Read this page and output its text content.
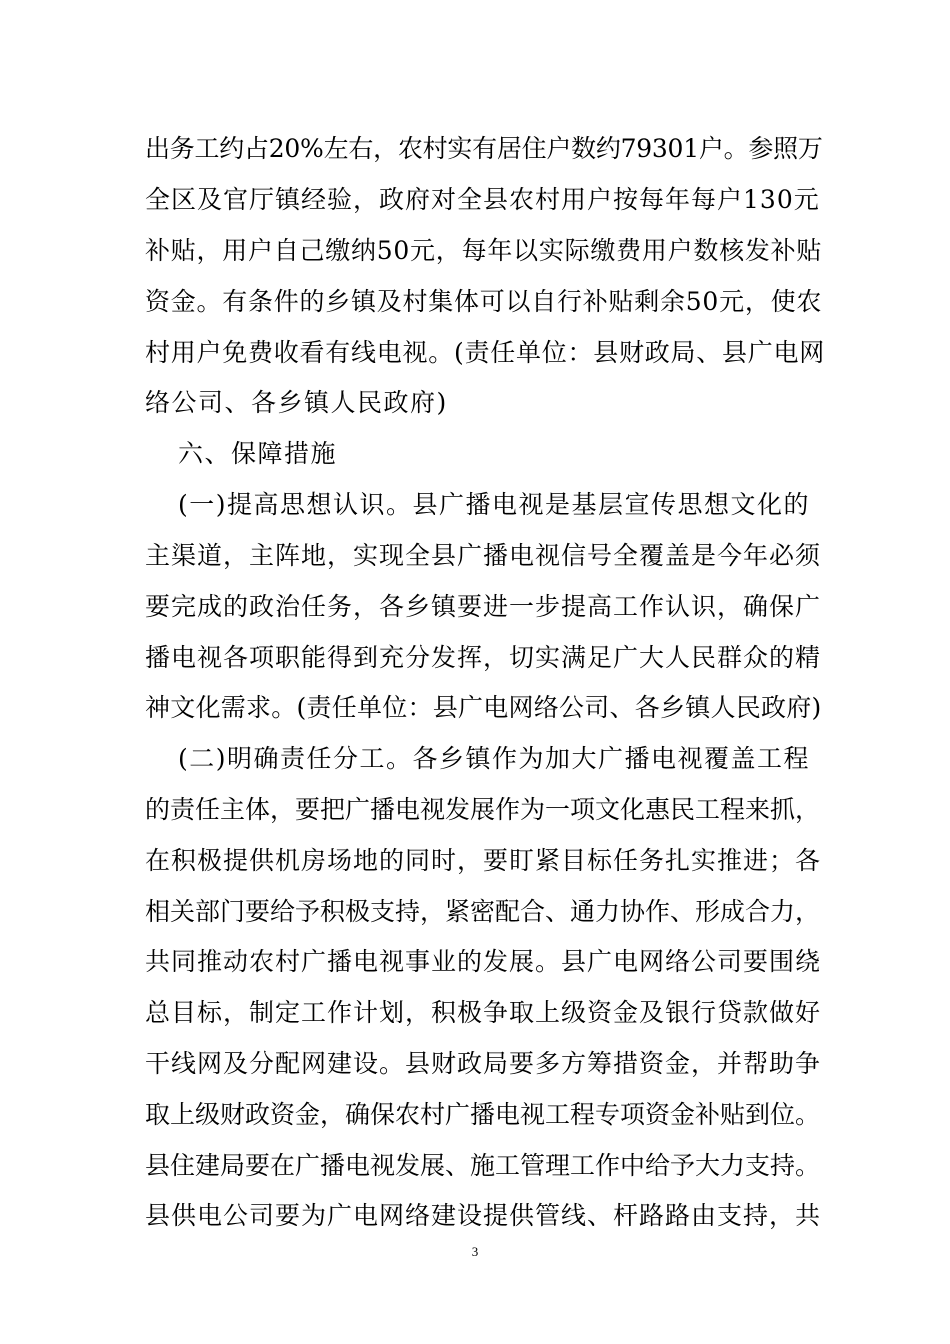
出务工约占20%左右，农村实有居住户数约79301户。参照万
全区及官厅镇经验，政府对全县农村用户按每年每户130元
补贴，用户自己缴纳50元，每年以实际缴费用户数核发补贴
资金。有条件的乡镇及村集体可以自行补贴剩余50元，使农
村用户免费收看有线电视。(责任单位：县财政局、县广电网
络公司、各乡镇人民政府)
六、保障措施
(一)提高思想认识。县广播电视是基层宣传思想文化的
主渠道，主阵地，实现全县广播电视信号全覆盖是今年必须
要完成的政治任务，各乡镇要进一步提高工作认识，确保广
播电视各项职能得到充分发挥，切实满足广大人民群众的精
神文化需求。(责任单位：县广电网络公司、各乡镇人民政府)
(二)明确责任分工。各乡镇作为加大广播电视覆盖工程
的责任主体，要把广播电视发展作为一项文化惠民工程来抓，
在积极提供机房场地的同时，要盯紧目标任务扎实推进；各
相关部门要给予积极支持，紧密配合、通力协作、形成合力，
共同推动农村广播电视事业的发展。县广电网络公司要围绕
总目标，制定工作计划，积极争取上级资金及银行贷款做好
干线网及分配网建设。县财政局要多方筹措资金，并帮助争
取上级财政资金，确保农村广播电视工程专项资金补贴到位。
县住建局要在广播电视发展、施工管理工作中给予大力支持。
县供电公司要为广电网络建设提供管线、杆路路由支持，共
3
